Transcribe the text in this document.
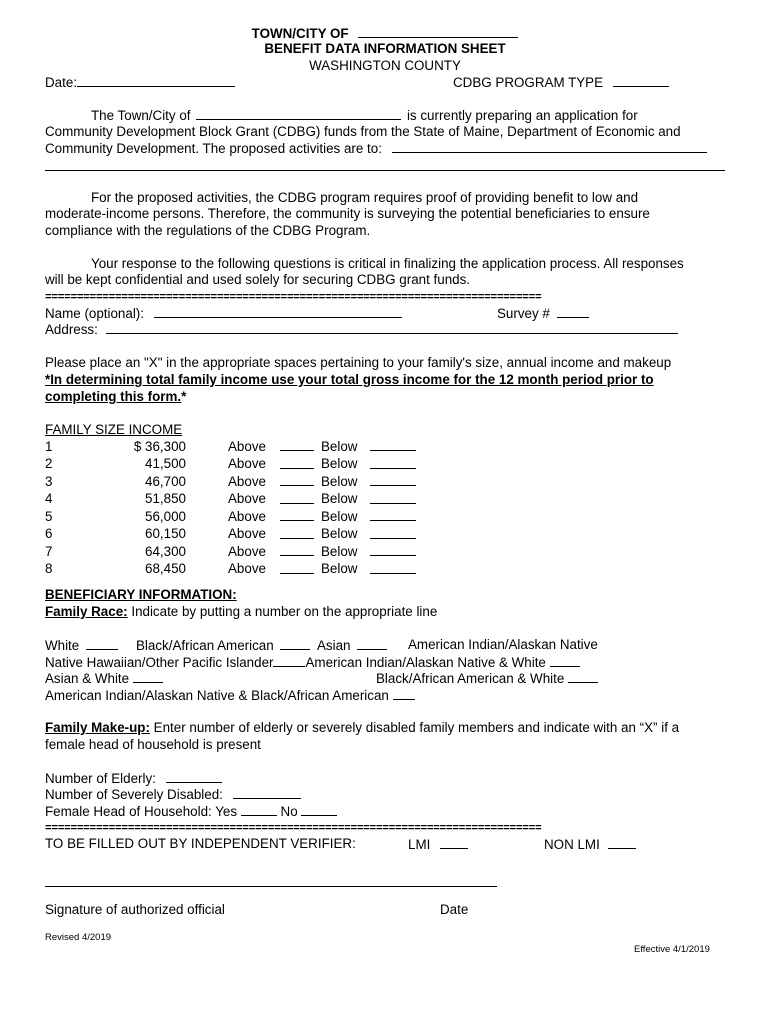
TOWN/CITY OF
BENEFIT DATA INFORMATION SHEET
WASHINGTON COUNTY
Date:	CDBG PROGRAM TYPE
The Town/City of	is currently preparing an application for
Community Development Block Grant (CDBG) funds from the State of Maine, Department of Economic and
Community Development. The proposed activities are to:
For the proposed activities, the CDBG program requires proof of providing benefit to low and
moderate-income persons. Therefore, the community is surveying the potential beneficiaries to ensure
compliance with the regulations of the CDBG Program.
Your response to the following questions is critical in finalizing the application process. All responses
will be kept confidential and used solely for securing CDBG grant funds.
==============================================================================
Name (optional):	Survey #
Address:
Please place an "X" in the appropriate spaces pertaining to your family's size, annual income and makeup
*In determining total family income use your total gross income for the 12 month period prior to
completing this form.*
FAMILY SIZE INCOME
1	$ 36,300	Above		Below	
2	41,500	Above		Below	
3	46,700	Above		Below	
4	51,850	Above		Below	
5	56,000	Above		Below	
6	60,150	Above		Below	
7	64,300	Above		Below	
8	68,450	Above		Below	
BENEFICIARY INFORMATION:
Family Race: Indicate by putting a number on the appropriate line
White	Black/African American	Asian	American Indian/Alaskan Native
Native Hawaiian/Other Pacific Islander American Indian/Alaskan Native & White
Asian & White	Black/African American & White
American Indian/Alaskan Native & Black/African American
Family Make-up: Enter number of elderly or severely disabled family members and indicate with an “X” if a
female head of household is present
Number of Elderly:
Number of Severely Disabled:
Female Head of Household: Yes	No
==============================================================================
TO BE FILLED OUT BY INDEPENDENT VERIFIER:	LMI	NON LMI
Signature of authorized official	Date
Revised 4/2019
Effective 4/1/2019
